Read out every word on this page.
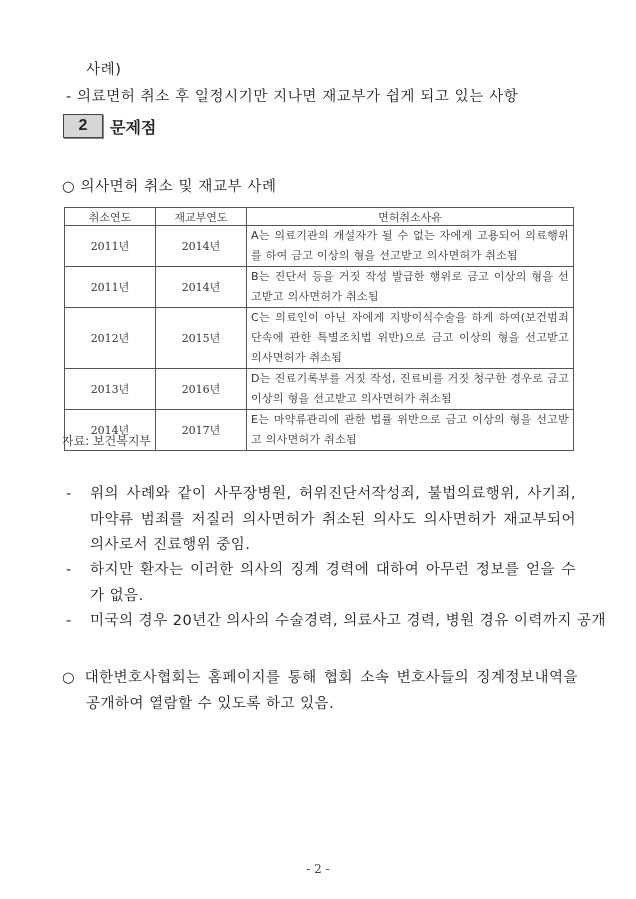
사례)
- 의료면허 취소 후 일정시기만 지나면 재교부가 쉽게 되고 있는 사항
2	문제점
○ 의사면허 취소 및 재교부 사례
취소연도	재교부연도	면허취소사유
2011년	2014년	A는 의료기관의 개설자가 될 수 없는 자에게 고용되어 의료행위를 하여 금고 이상의 형을 선고받고 의사면허가 취소됨
2011년	2014년	B는 진단서 등을 거짓 작성 발급한 행위로 금고 이상의 형을 선고받고 의사면허가 취소됨
2012년	2015년	C는 의료인이 아닌 자에게 지방이식수술을 하게 하여(보건범죄 단속에 관한 특별조치법 위반)으로 금고 이상의 형을 선고받고 의사면허가 취소됨
2013년	2016년	D는 진료기록부를 거짓 작성, 진료비를 거짓 청구한 경우로 금고이상의 형을 선고받고 의사면허가 취소됨
2014년	2017년	E는 마약류관리에 관한 법률 위반으로 금고 이상의 형을 선고받고 의사면허가 취소됨
자료: 보건복지부
- 위의 사례와 같이 사무장병원, 허위진단서작성죄, 불법의료행위, 사기죄, 마약류 범죄를 저질러 의사면허가 취소된 의사도 의사면허가 재교부되어 의사로서 진료행위 중임.
- 하지만 환자는 이러한 의사의 징계 경력에 대하여 아무런 정보를 얻을 수가 없음.
- 미국의 경우 20년간 의사의 수술경력, 의료사고 경력, 병원 경유 이력까지 공개
○ 대한변호사협회는 홈페이지를 통해 협회 소속 변호사들의 징계정보내역을 공개하여 열람할 수 있도록 하고 있음.
- 2 -
